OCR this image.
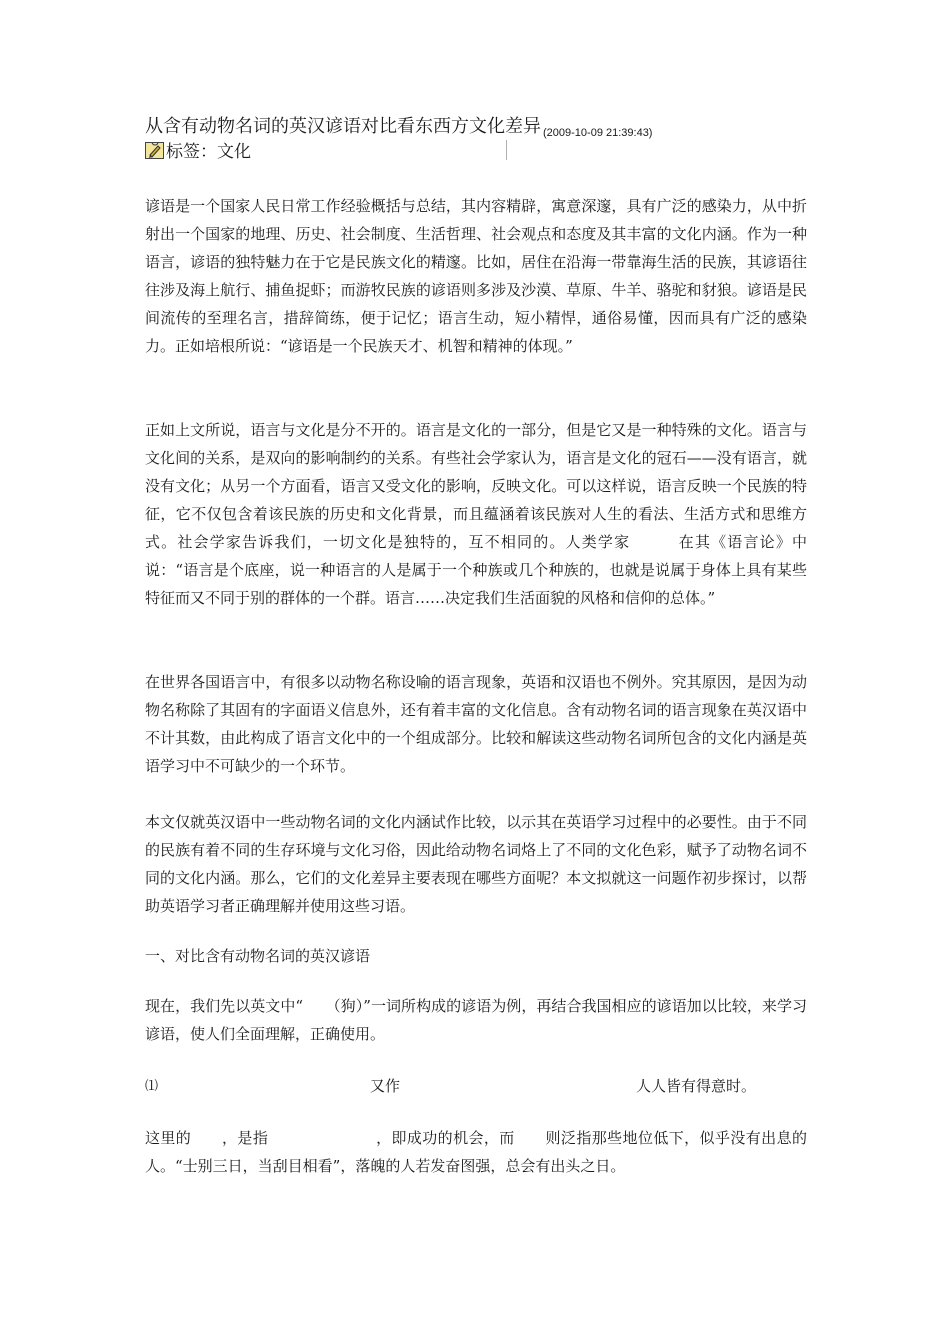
从含有动物名词的英汉谚语对比看东西方文化差异 $_{(2009-10-09 21:39:43)}$
标签：文化

谚语是一个国家人民日常工作经验概括与总结，其内容精辟，寓意深邃，具有广泛的感染力，从中折射出一个国家的地理、历史、社会制度、生活哲理、社会观点和态度及其丰富的文化内涵。作为一种语言，谚语的独特魅力在于它是民族文化的精邃。比如，居住在沿海一带靠海生活的民族，其谚语往往涉及海上航行、捕鱼捉虾；而游牧民族的谚语则多涉及沙漠、草原、牛羊、骆驼和豺狼。谚语是民间流传的至理名言，措辞简练，便于记忆；语言生动，短小精悍，通俗易懂，因而具有广泛的感染力。正如培根所说：“谚语是一个民族天才、机智和精神的体现。”

正如上文所说，语言与文化是分不开的。语言是文化的一部分，但是它又是一种特殊的文化。语言与文化间的关系，是双向的影响制约的关系。有些社会学家认为，语言是文化的冠石——没有语言，就没有文化；从另一个方面看，语言又受文化的影响，反映文化。可以这样说，语言反映一个民族的特征，它不仅包含着该民族的历史和文化背景，而且蕴涵着该民族对人生的看法、生活方式和思维方式。社会学家告诉我们，一切文化是独特的，互不相同的。人类学家　　　在其《语言论》中说：“语言是个底座，说一种语言的人是属于一个种族或几个种族的，也就是说属于身体上具有某些特征而又不同于别的群体的一个群。语言……决定我们生活面貌的风格和信仰的总体。”

在世界各国语言中，有很多以动物名称设喻的语言现象，英语和汉语也不例外。究其原因，是因为动物名称除了其固有的字面语义信息外，还有着丰富的文化信息。含有动物名词的语言现象在英汉语中不计其数，由此构成了语言文化中的一个组成部分。比较和解读这些动物名词所包含的文化内涵是英语学习中不可缺少的一个环节。

本文仅就英汉语中一些动物名词的文化内涵试作比较，以示其在英语学习过程中的必要性。由于不同的民族有着不同的生存环境与文化习俗，因此给动物名词烙上了不同的文化色彩，赋予了动物名词不同的文化内涵。那么，它们的文化差异主要表现在哪些方面呢？本文拟就这一问题作初步探讨，以帮助英语学习者正确理解并使用这些习语。

一、对比含有动物名词的英汉谚语

现在，我们先以英文中“　　（狗）”一词所构成的谚语为例，再结合我国相应的谚语加以比较，来学习谚语，使人们全面理解，正确使用。

⑴	又作	人人皆有得意时。

这里的　　，是指　　　　　　　，即成功的机会，而　　则泛指那些地位低下，似乎没有出息的人。“士别三日，当刮目相看”，落魄的人若发奋图强，总会有出头之日。
